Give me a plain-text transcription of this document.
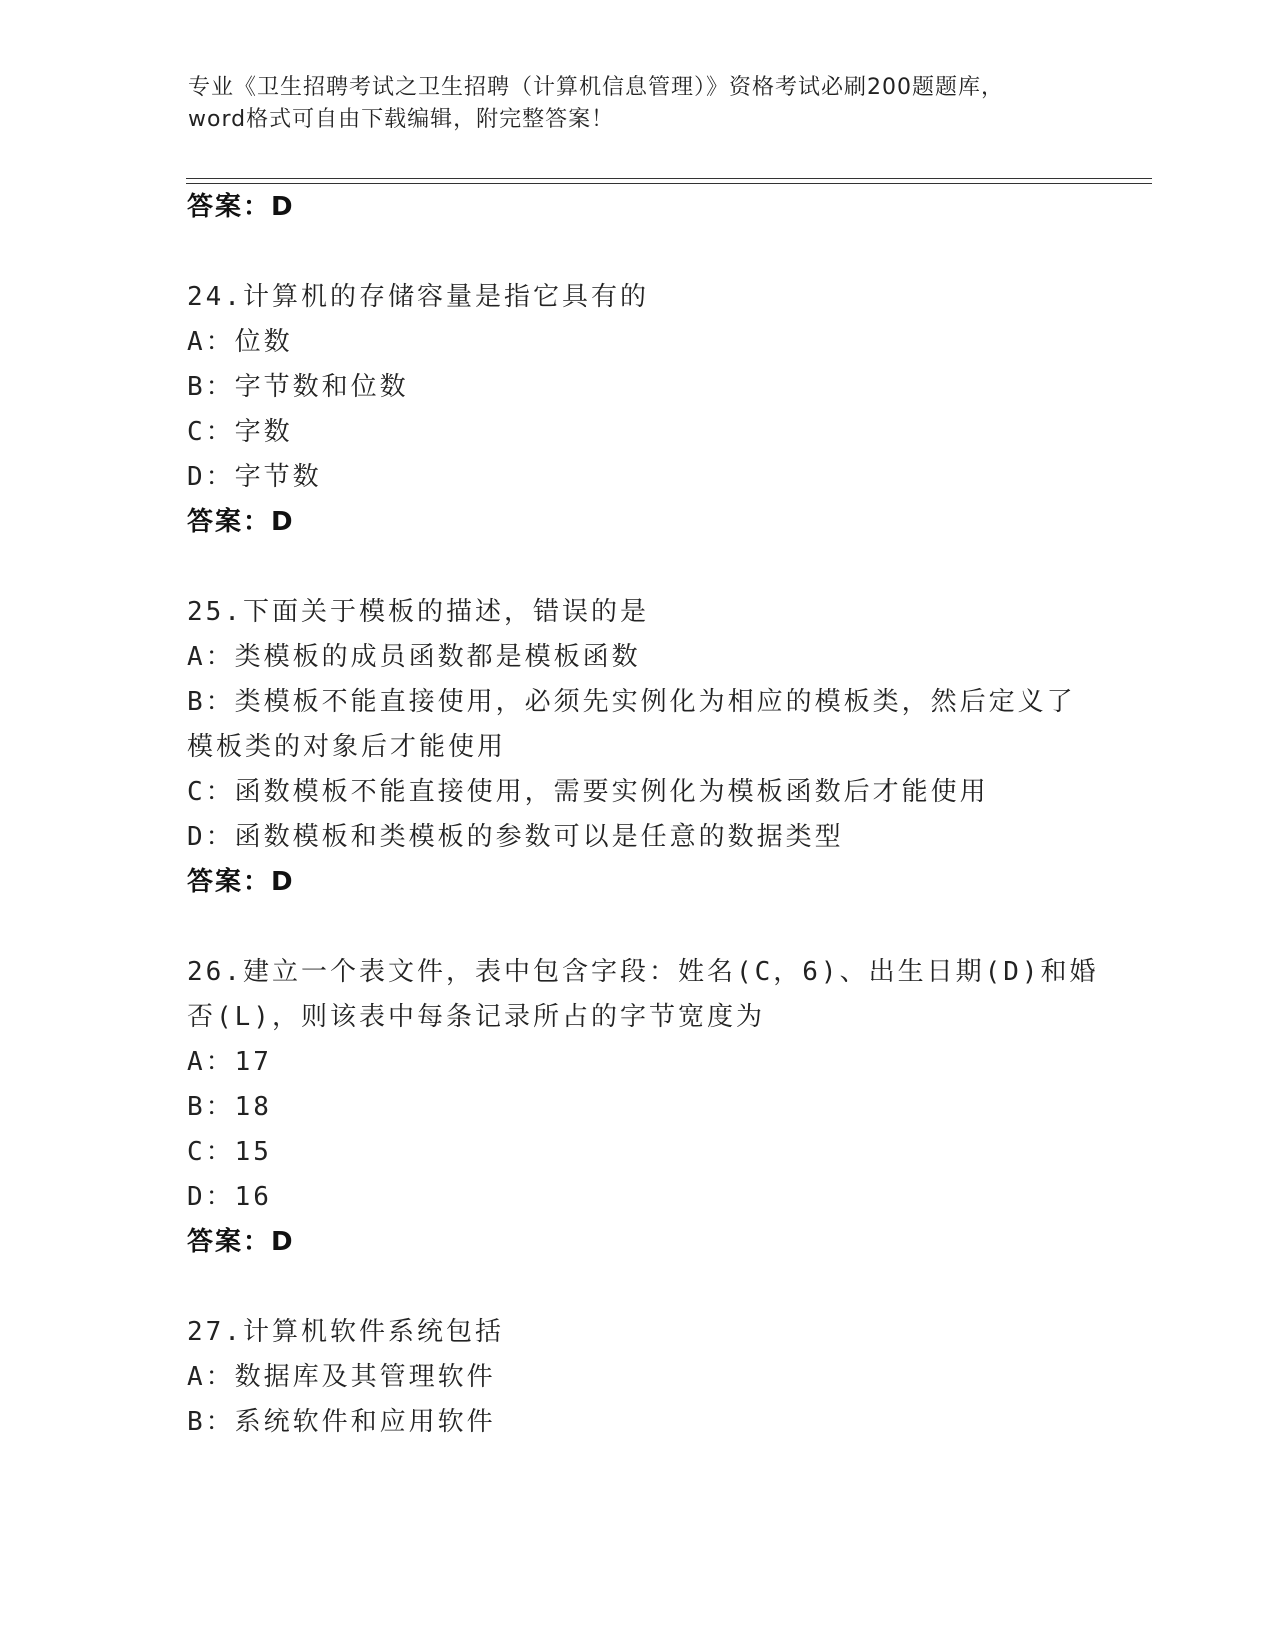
专业《卫生招聘考试之卫生招聘（计算机信息管理）》资格考试必刷200题题库，
word格式可自由下载编辑，附完整答案！
答案：D
24.计算机的存储容量是指它具有的
A：位数
B：字节数和位数
C：字数
D：字节数
答案：D
25.下面关于模板的描述，错误的是
A：类模板的成员函数都是模板函数
B：类模板不能直接使用，必须先实例化为相应的模板类，然后定义了
模板类的对象后才能使用
C：函数模板不能直接使用，需要实例化为模板函数后才能使用
D：函数模板和类模板的参数可以是任意的数据类型
答案：D
26.建立一个表文件，表中包含字段：姓名(C，6)、出生日期(D)和婚
否(L)，则该表中每条记录所占的字节宽度为
A：17
B：18
C：15
D：16
答案：D
27.计算机软件系统包括
A：数据库及其管理软件
B：系统软件和应用软件
